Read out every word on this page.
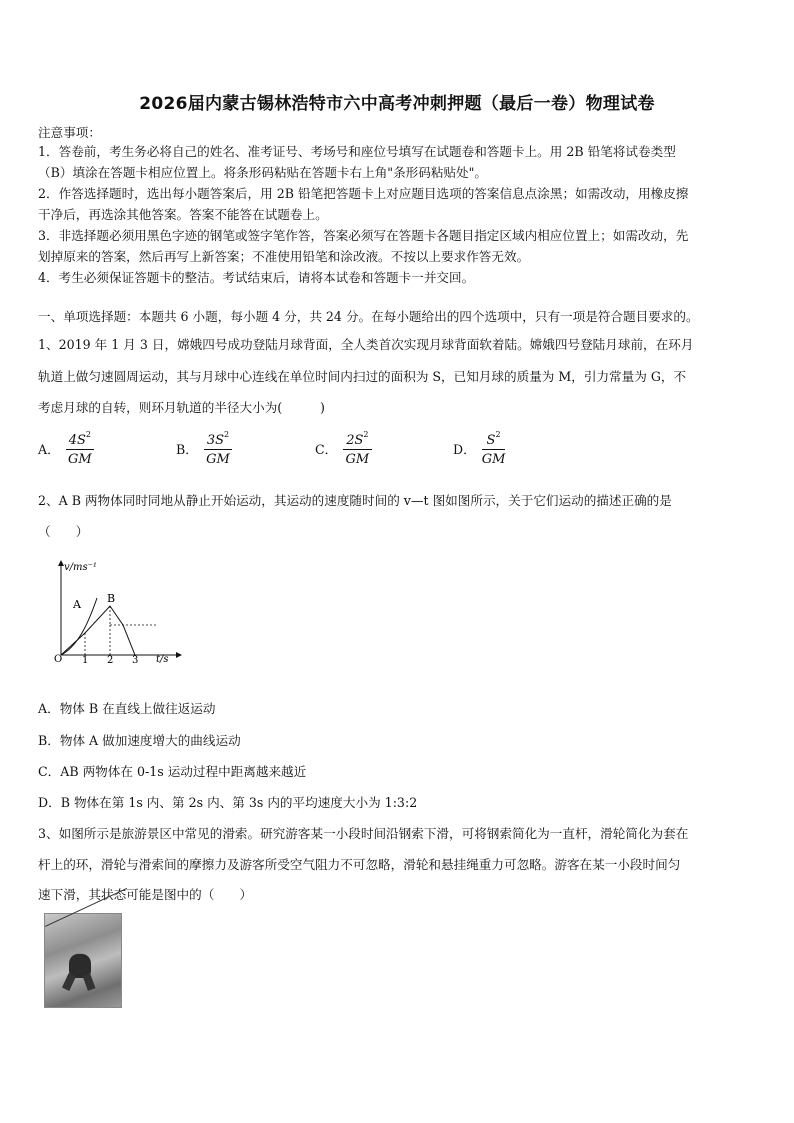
2026届内蒙古锡林浩特市六中高考冲刺押题（最后一卷）物理试卷
注意事项：
1．答卷前，考生务必将自己的姓名、准考证号、考场号和座位号填写在试题卷和答题卡上。用 2B 铅笔将试卷类型
（B）填涂在答题卡相应位置上。将条形码粘贴在答题卡右上角"条形码粘贴处"。
2．作答选择题时，选出每小题答案后，用 2B 铅笔把答题卡上对应题目选项的答案信息点涂黑；如需改动，用橡皮擦
干净后，再选涂其他答案。答案不能答在试题卷上。
3．非选择题必须用黑色字迹的钢笔或签字笔作答，答案必须写在答题卡各题目指定区域内相应位置上；如需改动，先
划掉原来的答案，然后再写上新答案；不准使用铅笔和涂改液。不按以上要求作答无效。
4．考生必须保证答题卡的整洁。考试结束后，请将本试卷和答题卡一并交回。
一、单项选择题：本题共 6 小题，每小题 4 分，共 24 分。在每小题给出的四个选项中，只有一项是符合题目要求的。
1、2019 年 1 月 3 日，嫦娥四号成功登陆月球背面，全人类首次实现月球背面软着陆。嫦娥四号登陆月球前，在环月
轨道上做匀速圆周运动，其与月球中心连线在单位时间内扫过的面积为 S，已知月球的质量为 M，引力常量为 G，不
考虑月球的自转，则环月轨道的半径大小为(　　　)
A． $\frac{4S^2}{GM}$	B． $\frac{3S^2}{GM}$	C． $\frac{2S^2}{GM}$	D． $\frac{S^2}{GM}$
2、A B 两物体同时同地从静止开始运动，其运动的速度随时间的 v—t 图如图所示，关于它们运动的描述正确的是
（　　）
v/ms⁻¹
t/s
O 1 2 3
A B
A．物体 B 在直线上做往返运动
B．物体 A 做加速度增大的曲线运动
C．AB 两物体在 0-1s 运动过程中距离越来越近
D．B 物体在第 1s 内、第 2s 内、第 3s 内的平均速度大小为 1:3:2
3、如图所示是旅游景区中常见的滑索。研究游客某一小段时间沿钢索下滑，可将钢索简化为一直杆，滑轮简化为套在
杆上的环，滑轮与滑索间的摩擦力及游客所受空气阻力不可忽略，滑轮和悬挂绳重力可忽略。游客在某一小段时间匀
速下滑，其状态可能是图中的（　　）
